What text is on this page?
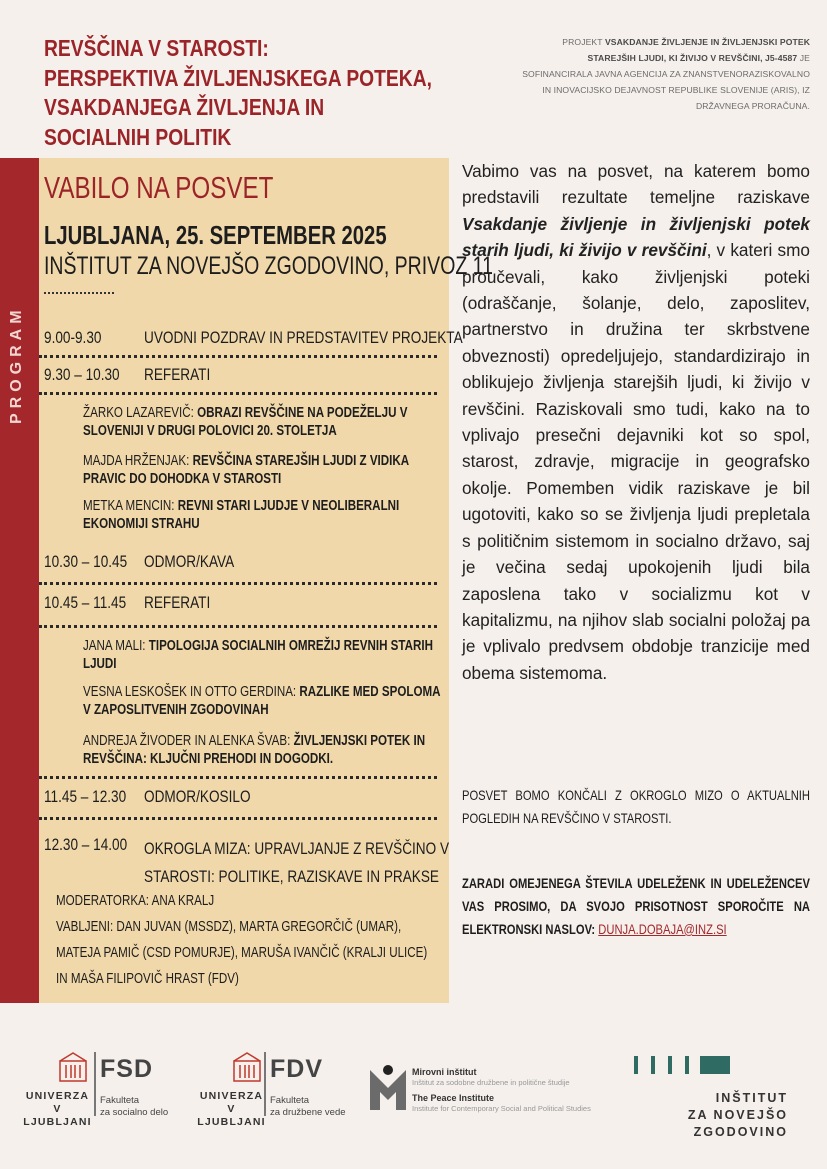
REVŠČINA V STAROSTI:
PERSPEKTIVA ŽIVLJENJSKEGA POTEKA,
VSAKDANJEGA ŽIVLJENJA IN
SOCIALNIH POLITIK
PROJEKT VSAKDANJE ŽIVLJENJE IN ŽIVLJENJSKI POTEK STAREJŠIH LJUDI, KI ŽIVIJO V REVŠČINI, J5-4587 JE SOFINANCIRALA JAVNA AGENCIJA ZA ZNANSTVENORAZISKOVALNO IN INOVACIJSKO DEJAVNOST REPUBLIKE SLOVENIJE (ARIS), IZ DRŽAVNEGA PRORAČUNA.
PROGRAM
VABILO NA POSVET
LJUBLJANA, 25. SEPTEMBER 2025
INŠTITUT ZA NOVEJŠO ZGODOVINO, PRIVOZ 11
9.00-9.30	UVODNI POZDRAV IN PREDSTAVITEV PROJEKTA
9.30 – 10.30	REFERATI
ŽARKO LAZAREVIČ: OBRAZI REVŠČINE NA PODEŽELJU V SLOVENIJI V DRUGI POLOVICI 20. STOLETJA
MAJDA HRŽENJAK: REVŠČINA STAREJŠIH LJUDI Z VIDIKA PRAVIC DO DOHODKA V STAROSTI
METKA MENCIN: REVNI STARI LJUDJE V NEOLIBERALNI EKONOMIJI STRAHU
10.30 – 10.45 ODMOR/KAVA
10.45 – 11.45	REFERATI
JANA MALI: TIPOLOGIJA SOCIALNIH OMREŽIJ REVNIH STARIH LJUDI
VESNA LESKOŠEK IN OTTO GERDINA: RAZLIKE MED SPOLOMA V ZAPOSLITVENIH ZGODOVINAH
ANDREJA ŽIVODER IN ALENKA ŠVAB: ŽIVLJENJSKI POTEK IN REVŠČINA: KLJUČNI PREHODI IN DOGODKI.
11.45 – 12.30	ODMOR/KOSILO
12.30 – 14.00 OKROGLA MIZA: UPRAVLJANJE Z REVŠČINO V
STAROSTI: POLITIKE, RAZISKAVE IN PRAKSE
MODERATORKA: ANA KRALJ
VABLJENI: DAN JUVAN (MSSDZ), MARTA GREGORČIČ (UMAR), MATEJA PAMIČ (CSD POMURJE), MARUŠA IVANČIČ (KRALJI ULICE) IN MAŠA FILIPOVIČ HRAST (FDV)
Vabimo vas na posvet, na katerem bomo predstavili rezultate temeljne raziskave Vsakdanje življenje in življenjski potek starih ljudi, ki živijo v revščini, v kateri smo proučevali, kako življenjski poteki (odraščanje, šolanje, delo, zaposlitev, partnerstvo in družina ter skrbstvene obveznosti) opredeljujejo, standardizirajo in oblikujejo življenja starejših ljudi, ki živijo v revščini. Raziskovali smo tudi, kako na to vplivajo presečni dejavniki kot so spol, starost, zdravje, migracije in geografsko okolje. Pomemben vidik raziskave je bil ugotoviti, kako so se življenja ljudi prepletala s političnim sistemom in socialno državo, saj je večina sedaj upokojenih ljudi bila zaposlena tako v socializmu kot v kapitalizmu, na njihov slab socialni položaj pa je vplivalo predvsem obdobje tranzicije med obema sistemoma.
POSVET BOMO KONČALI Z OKROGLO MIZO O AKTUALNIH POGLEDIH NA REVŠČINO V STAROSTI.
ZARADI OMEJENEGA ŠTEVILA UDELEŽENK IN UDELEŽENCEV VAS PROSIMO, DA SVOJO PRISOTNOST SPOROČITE NA ELEKTRONSKI NASLOV: DUNJA.DOBAJA@INZ.SI
UNIVERZA
V LJUBLJANI
FSD
Fakulteta
za socialno delo
UNIVERZA
V LJUBLJANI
FDV
Fakulteta
za družbene vede
Mirovni inštitut
Inštitut za sodobne družbene in politične študije
The Peace Institute
Institute for Contemporary Social and Political Studies
INŠTITUT
ZA NOVEJŠO ZGODOVINO
